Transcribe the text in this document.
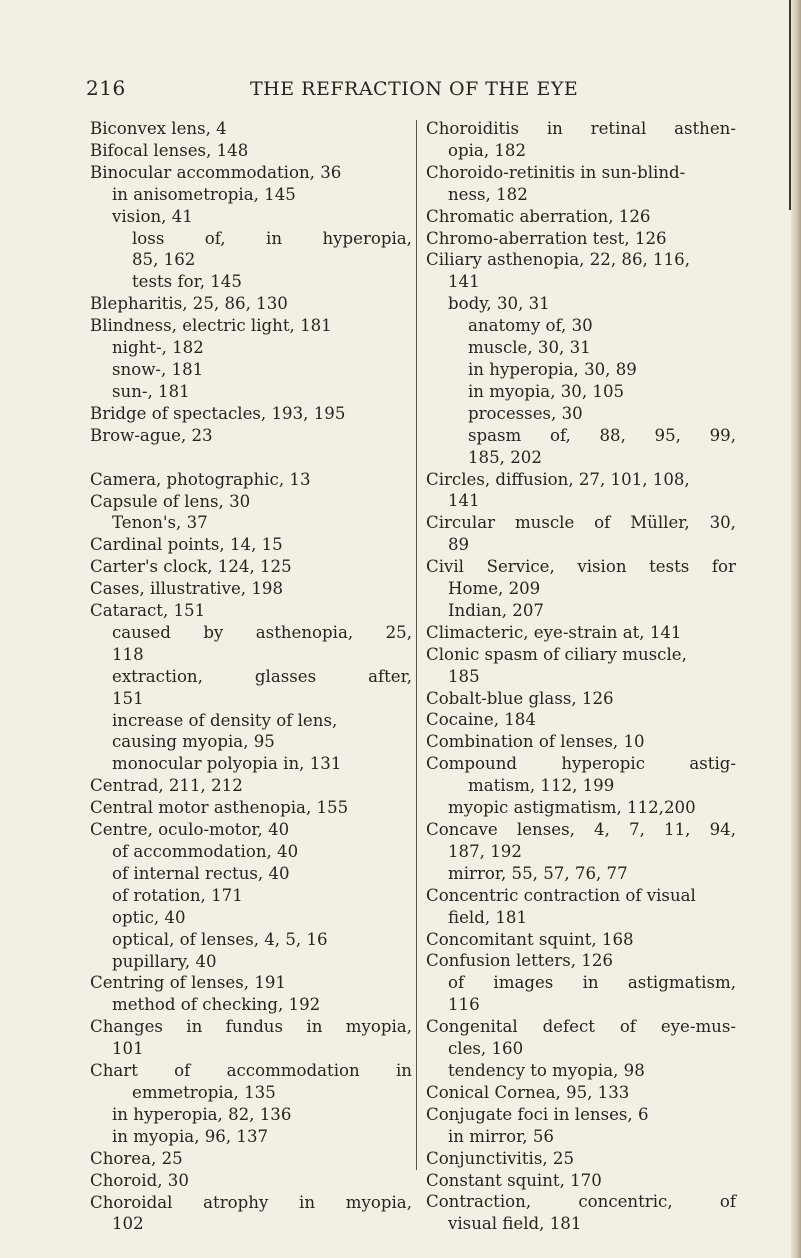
216	THE REFRACTION OF THE EYE
Biconvex lens, 4
Bifocal lenses, 148
Binocular accommodation, 36
in anisometropia, 145
vision, 41
loss of, in hyperopia,
85, 162
tests for, 145
Blepharitis, 25, 86, 130
Blindness, electric light, 181
night-, 182
snow-, 181
sun-, 181
Bridge of spectacles, 193, 195
Brow-ague, 23
Camera, photographic, 13
Capsule of lens, 30
Tenon's, 37
Cardinal points, 14, 15
Carter's clock, 124, 125
Cases, illustrative, 198
Cataract, 151
caused by asthenopia, 25,
118
extraction,	glasses	after,
151
increase of density of lens,
causing myopia, 95
monocular polyopia in, 131
Centrad, 211, 212
Central motor asthenopia, 155
Centre, oculo-motor, 40
of accommodation, 40
of internal rectus, 40
of rotation, 171
optic, 40
optical, of lenses, 4, 5, 16
pupillary, 40
Centring of lenses, 191
method of checking, 192
Changes in fundus in myopia,
101
Chart of accommodation in
emmetropia, 135
in hyperopia, 82, 136
in myopia, 96, 137
Chorea, 25
Choroid, 30
Choroidal atrophy in myopia,
102
Choroiditis in retinal asthen-
opia, 182
Choroido-retinitis in sun-blind-
ness, 182
Chromatic aberration, 126
Chromo-aberration test, 126
Ciliary asthenopia, 22, 86, 116,
141
body, 30, 31
anatomy of, 30
muscle, 30, 31
in hyperopia, 30, 89
in myopia, 30, 105
processes, 30
spasm of, 88, 95, 99,
185, 202
Circles, diffusion, 27, 101, 108,
141
Circular muscle of Müller, 30,
89
Civil Service, vision tests for
Home, 209
Indian, 207
Climacteric, eye-strain at, 141
Clonic spasm of ciliary muscle,
185
Cobalt-blue glass, 126
Cocaine, 184
Combination of lenses, 10
Compound	hyperopic	astig-
matism, 112, 199
myopic astigmatism, 112,200
Concave lenses, 4, 7, 11, 94,
187, 192
mirror, 55, 57, 76, 77
Concentric contraction of visual
field, 181
Concomitant squint, 168
Confusion letters, 126
of images in astigmatism,
116
Congenital defect of eye-mus-
cles, 160
tendency to myopia, 98
Conical Cornea, 95, 133
Conjugate foci in lenses, 6
in mirror, 56
Conjunctivitis, 25
Constant squint, 170
Contraction,	concentric,	of
visual field, 181
